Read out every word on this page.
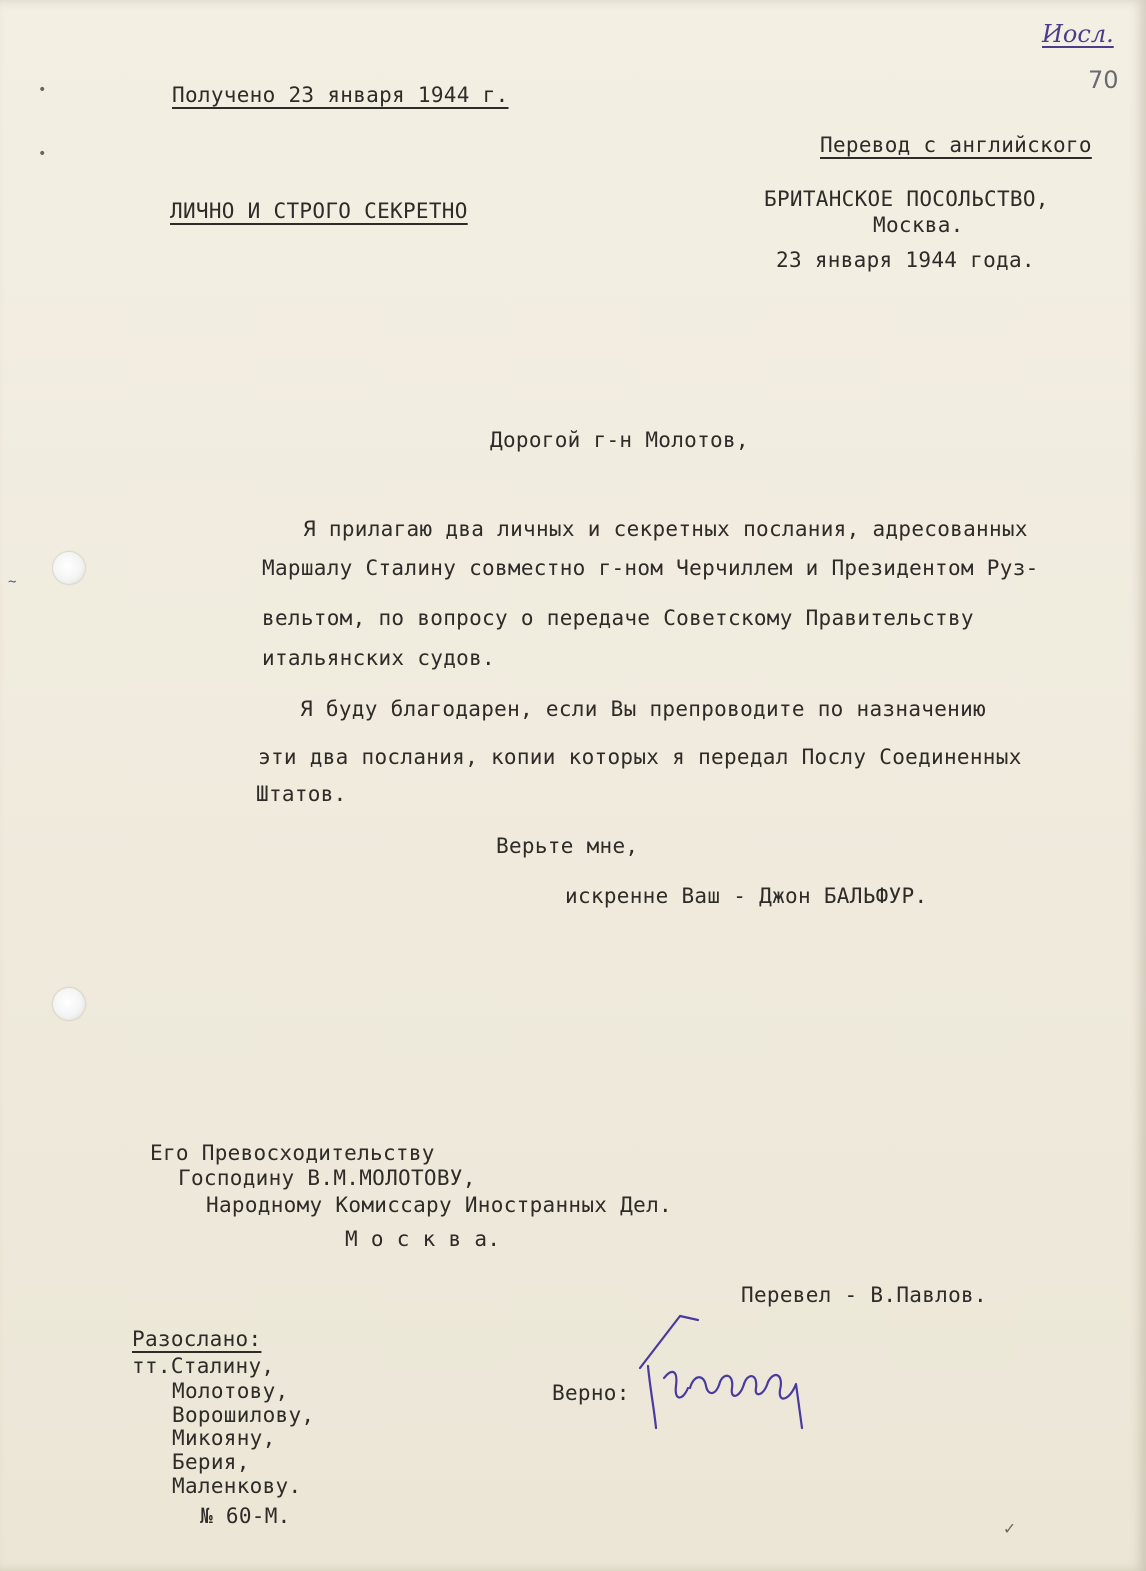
~
•
•
Иосл.
70
Получено 23 января 1944 г.
Перевод с английского
ЛИЧНО И СТРОГО СЕКРЕТНО	БРИТАНСКОЕ ПОСОЛЬСТВО,
Москва.
23 января 1944 года.
Дорогой г-н Молотов,
Я прилагаю два личных и секретных послания, адресованных
Маршалу Сталину совместно г-ном Черчиллем и Президентом Руз-
вельтом, по вопросу о передаче Советскому Правительству
итальянских судов.
Я буду благодарен, если Вы препроводите по назначению
эти два послания, копии которых я передал Послу Соединенных
Штатов.
Верьте мне,
искренне Ваш - Джон БАЛЬФУР.
Его Превосходительству
Господину В.М.МОЛОТОВУ,
Народному Комиссару Иностранных Дел.
М о с к в а.
Перевел - В.Павлов.
Разослано:
тт.Сталину,
Молотову,
Ворошилову,
Микояну,
Берия,
Маленкову.
№ 60-М.
Верно:
✓
